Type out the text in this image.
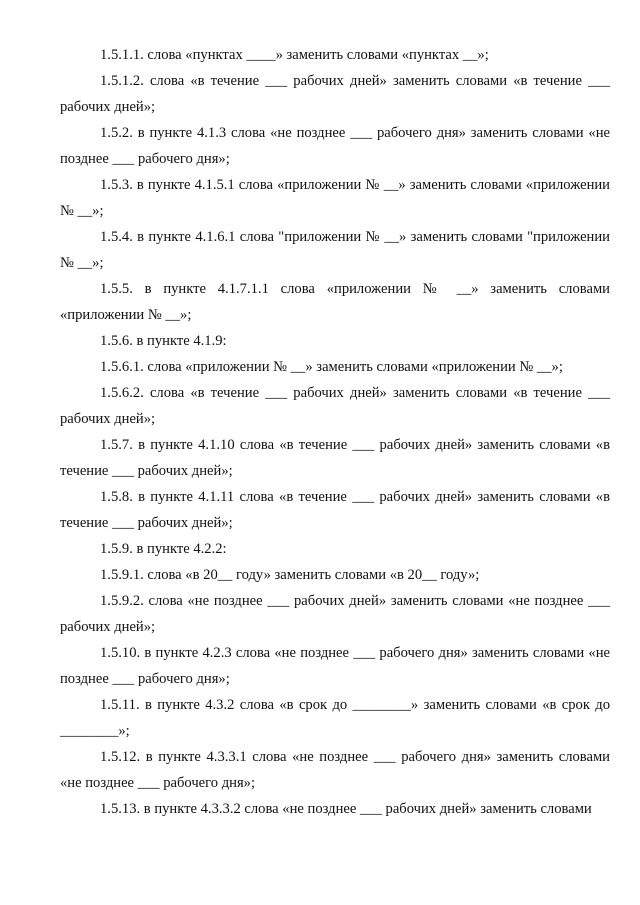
1.5.1.1. слова «пунктах ____» заменить словами «пунктах __»;

1.5.1.2. слова «в течение ___ рабочих дней» заменить словами «в течение ___ рабочих дней»;

1.5.2. в пункте 4.1.3 слова «не позднее ___ рабочего дня» заменить словами «не позднее ___ рабочего дня»;

1.5.3. в пункте 4.1.5.1 слова «приложении № __» заменить словами «приложении № __»;

1.5.4. в пункте 4.1.6.1 слова "приложении № __» заменить словами "приложении № __»;

1.5.5. в пункте 4.1.7.1.1 слова «приложении № __» заменить словами «приложении № __»;

1.5.6. в пункте 4.1.9:

1.5.6.1. слова «приложении № __» заменить словами «приложении № __»;

1.5.6.2. слова «в течение ___ рабочих дней» заменить словами «в течение ___ рабочих дней»;

1.5.7. в пункте 4.1.10 слова «в течение ___ рабочих дней» заменить словами «в течение ___ рабочих дней»;

1.5.8. в пункте 4.1.11 слова «в течение ___ рабочих дней» заменить словами «в течение ___ рабочих дней»;

1.5.9. в пункте 4.2.2:

1.5.9.1. слова «в 20__ году» заменить словами «в 20__ году»;

1.5.9.2. слова «не позднее ___ рабочих дней» заменить словами «не позднее ___ рабочих дней»;

1.5.10. в пункте 4.2.3 слова «не позднее ___ рабочего дня» заменить словами «не позднее ___ рабочего дня»;

1.5.11. в пункте 4.3.2 слова «в срок до ________» заменить словами «в срок до ________»;

1.5.12. в пункте 4.3.3.1 слова «не позднее ___ рабочего дня» заменить словами «не позднее ___ рабочего дня»;

1.5.13. в пункте 4.3.3.2 слова «не позднее ___ рабочих дней» заменить словами
